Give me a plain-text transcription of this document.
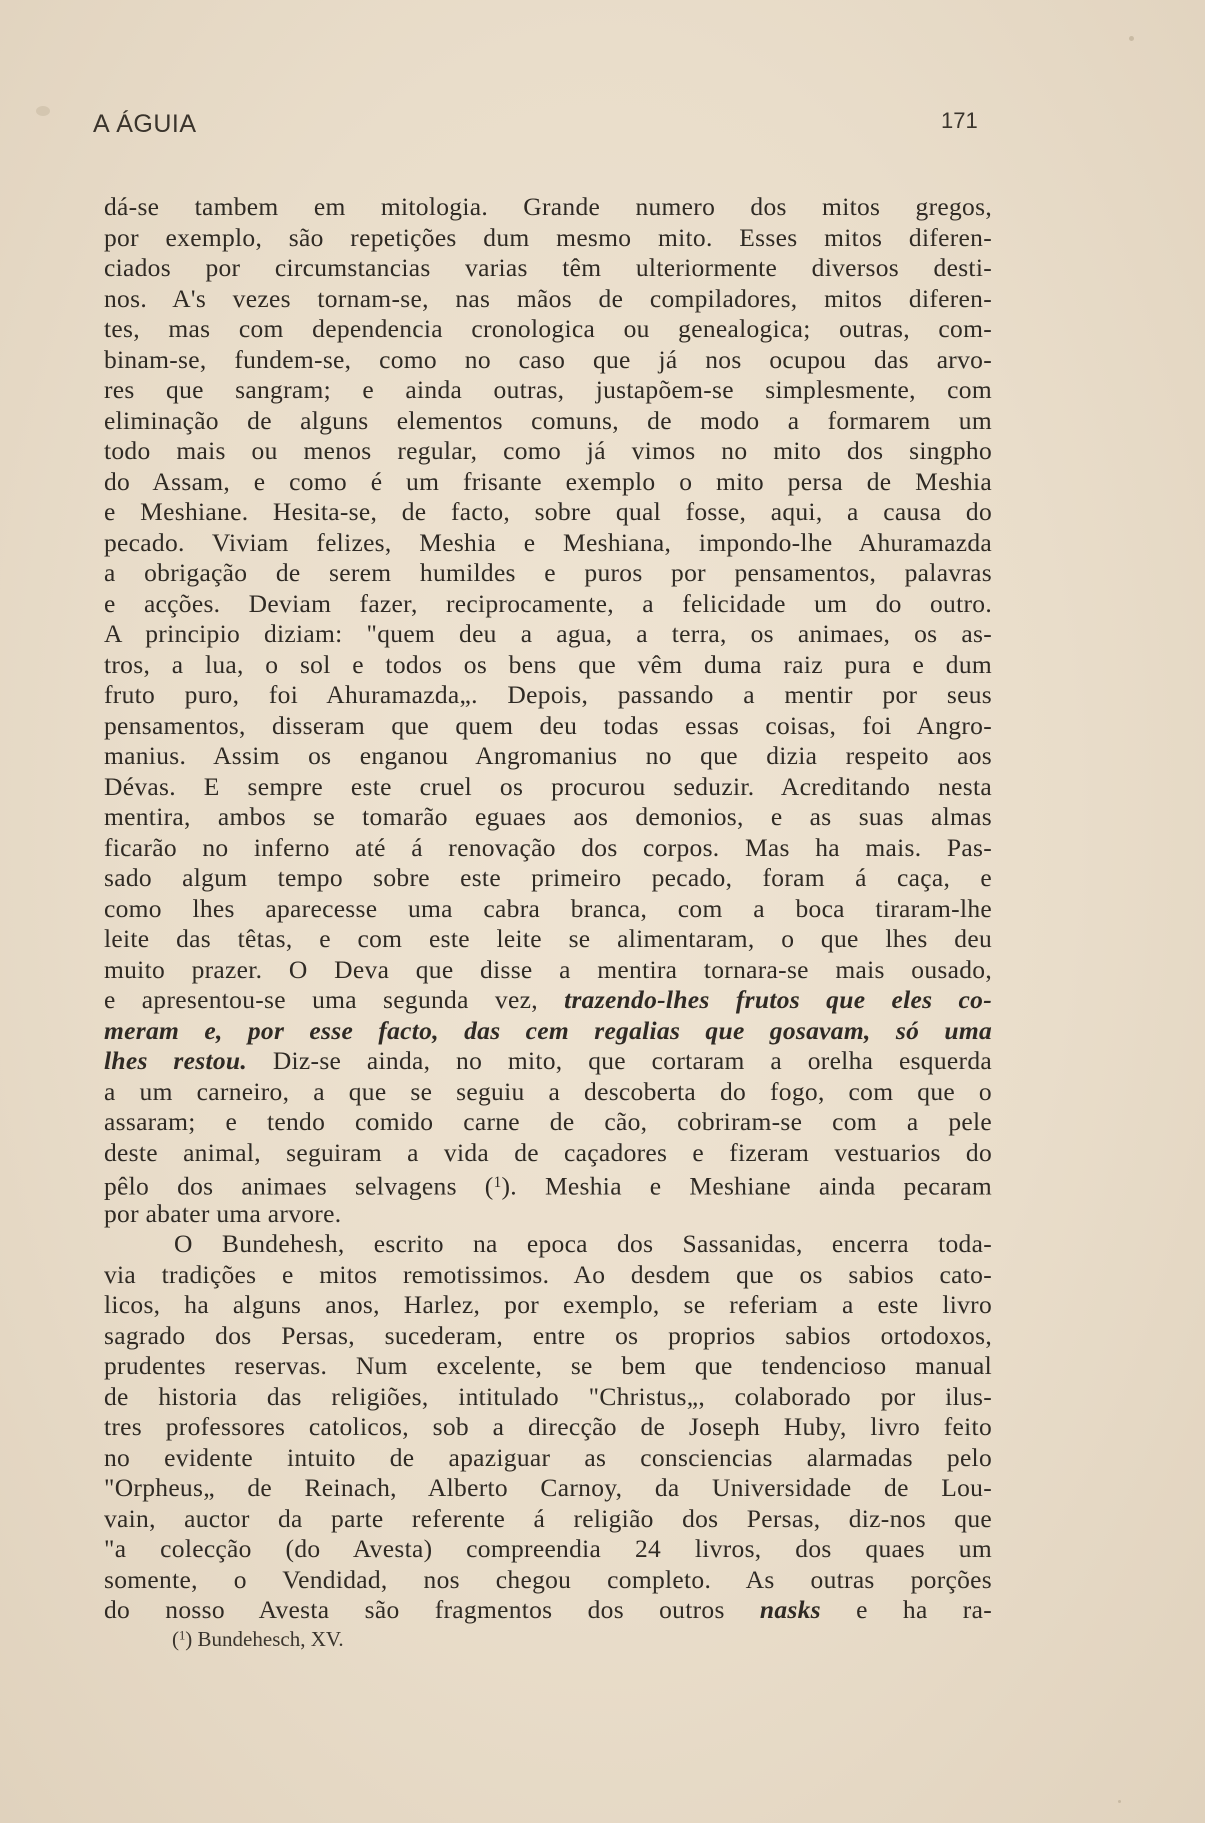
A ÁGUIA	171
dá-se tambem em mitologia. Grande numero dos mitos gregos,
por exemplo, são repetições dum mesmo mito. Esses mitos diferen-
ciados por circumstancias varias têm ulteriormente diversos desti-
nos. A's vezes tornam-se, nas mãos de compiladores, mitos diferen-
tes, mas com dependencia cronologica ou genealogica; outras, com-
binam-se, fundem-se, como no caso que já nos ocupou das arvo-
res que sangram; e ainda outras, justapõem-se simplesmente, com
eliminação de alguns elementos comuns, de modo a formarem um
todo mais ou menos regular, como já vimos no mito dos singpho
do Assam, e como é um frisante exemplo o mito persa de Meshia
e Meshiane. Hesita-se, de facto, sobre qual fosse, aqui, a causa do
pecado. Viviam felizes, Meshia e Meshiana, impondo-lhe Ahuramazda
a obrigação de serem humildes e puros por pensamentos, palavras
e acções. Deviam fazer, reciprocamente, a felicidade um do outro.
A principio diziam: "quem deu a agua, a terra, os animaes, os as-
tros, a lua, o sol e todos os bens que vêm duma raiz pura e dum
fruto puro, foi Ahuramazda„. Depois, passando a mentir por seus
pensamentos, disseram que quem deu todas essas coisas, foi Angro-
manius. Assim os enganou Angromanius no que dizia respeito aos
Dévas. E sempre este cruel os procurou seduzir. Acreditando nesta
mentira, ambos se tomarão eguaes aos demonios, e as suas almas
ficarão no inferno até á renovação dos corpos. Mas ha mais. Pas-
sado algum tempo sobre este primeiro pecado, foram á caça, e
como lhes aparecesse uma cabra branca, com a boca tiraram-lhe
leite das têtas, e com este leite se alimentaram, o que lhes deu
muito prazer. O Deva que disse a mentira tornara-se mais ousado,
e apresentou-se uma segunda vez, trazendo-lhes frutos que eles co-
meram e, por esse facto, das cem regalias que gosavam, só uma
lhes restou. Diz-se ainda, no mito, que cortaram a orelha esquerda
a um carneiro, a que se seguiu a descoberta do fogo, com que o
assaram; e tendo comido carne de cão, cobriram-se com a pele
deste animal, seguiram a vida de caçadores e fizeram vestuarios do
pêlo dos animaes selvagens ($^1$). Meshia e Meshiane ainda pecaram
por abater uma arvore.
O Bundehesh, escrito na epoca dos Sassanidas, encerra toda-
via tradições e mitos remotissimos. Ao desdem que os sabios cato-
licos, ha alguns anos, Harlez, por exemplo, se referiam a este livro
sagrado dos Persas, sucederam, entre os proprios sabios ortodoxos,
prudentes reservas. Num excelente, se bem que tendencioso manual
de historia das religiões, intitulado "Christus„, colaborado por ilus-
tres professores catolicos, sob a direcção de Joseph Huby, livro feito
no evidente intuito de apaziguar as consciencias alarmadas pelo
"Orpheus„ de Reinach, Alberto Carnoy, da Universidade de Lou-
vain, auctor da parte referente á religião dos Persas, diz-nos que
"a colecção (do Avesta) compreendia 24 livros, dos quaes um
somente, o Vendidad, nos chegou completo. As outras porções
do nosso Avesta são fragmentos dos outros nasks e ha ra-
($^1$) Bundehesch, XV.
